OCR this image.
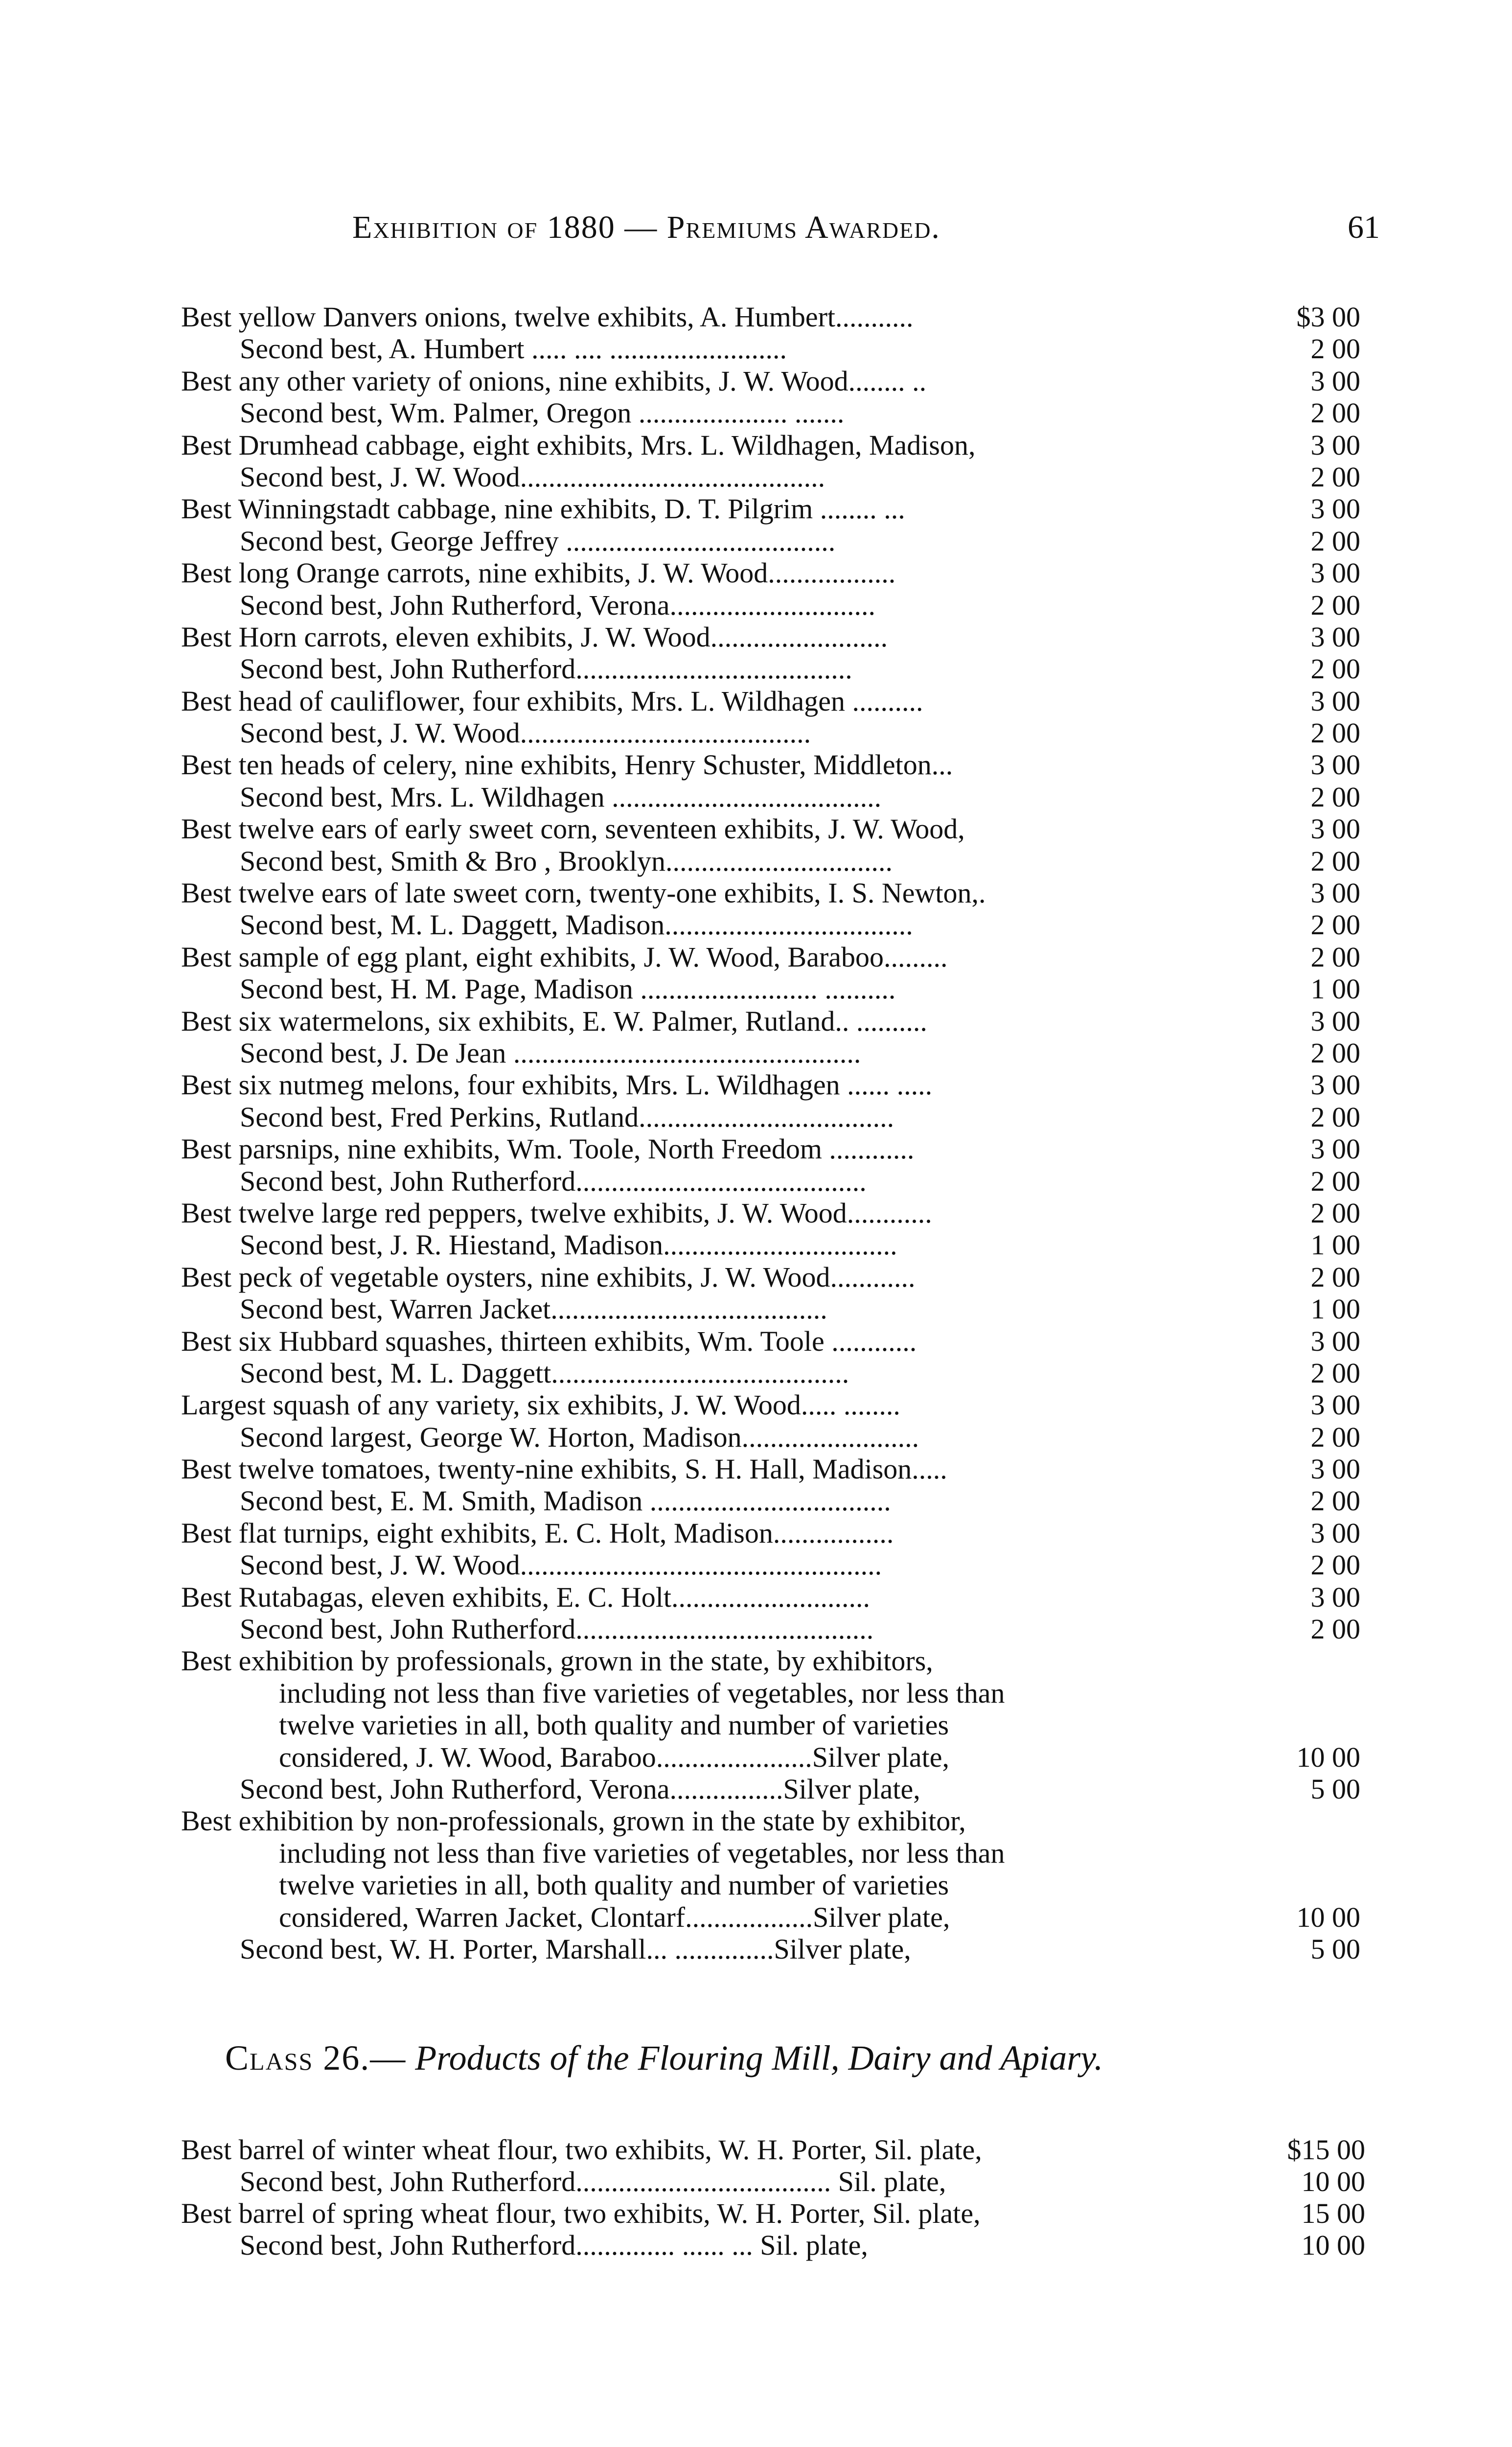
Exhibition of 1880 — Premiums Awarded.	61
Best yellow Danvers onions, twelve exhibits, A. Humbert...........	$3 00
Second best, A. Humbert ..... .... .........................	2 00
Best any other variety of onions, nine exhibits, J. W. Wood........ ..	3 00
Second best, Wm. Palmer, Oregon ..................... .......	2 00
Best Drumhead cabbage, eight exhibits, Mrs. L. Wildhagen, Madison,	3 00
Second best, J. W. Wood...........................................	2 00
Best Winningstadt cabbage, nine exhibits, D. T. Pilgrim ........ ...	3 00
Second best, George Jeffrey ......................................	2 00
Best long Orange carrots, nine exhibits, J. W. Wood..................	3 00
Second best, John Rutherford, Verona.............................	2 00
Best Horn carrots, eleven exhibits, J. W. Wood.........................	3 00
Second best, John Rutherford.......................................	2 00
Best head of cauliflower, four exhibits, Mrs. L. Wildhagen ..........	3 00
Second best, J. W. Wood.........................................	2 00
Best ten heads of celery, nine exhibits, Henry Schuster, Middleton...	3 00
Second best, Mrs. L. Wildhagen ......................................	2 00
Best twelve ears of early sweet corn, seventeen exhibits, J. W. Wood,	3 00
Second best, Smith & Bro , Brooklyn................................	2 00
Best twelve ears of late sweet corn, twenty-one exhibits, I. S. Newton,.	3 00
Second best, M. L. Daggett, Madison...................................	2 00
Best sample of egg plant, eight exhibits, J. W. Wood, Baraboo.........	2 00
Second best, H. M. Page, Madison ......................... ..........	1 00
Best six watermelons, six exhibits, E. W. Palmer, Rutland.. ..........	3 00
Second best, J. De Jean .................................................	2 00
Best six nutmeg melons, four exhibits, Mrs. L. Wildhagen ...... .....	3 00
Second best, Fred Perkins, Rutland....................................	2 00
Best parsnips, nine exhibits, Wm. Toole, North Freedom ............	3 00
Second best, John Rutherford.........................................	2 00
Best twelve large red peppers, twelve exhibits, J. W. Wood............	2 00
Second best, J. R. Hiestand, Madison.................................	1 00
Best peck of vegetable oysters, nine exhibits, J. W. Wood............	2 00
Second best, Warren Jacket.......................................	1 00
Best six Hubbard squashes, thirteen exhibits, Wm. Toole ............	3 00
Second best, M. L. Daggett..........................................	2 00
Largest squash of any variety, six exhibits, J. W. Wood..... ........	3 00
Second largest, George W. Horton, Madison.........................	2 00
Best twelve tomatoes, twenty-nine exhibits, S. H. Hall, Madison.....	3 00
Second best, E. M. Smith, Madison ..................................	2 00
Best flat turnips, eight exhibits, E. C. Holt, Madison.................	3 00
Second best, J. W. Wood...................................................	2 00
Best Rutabagas, eleven exhibits, E. C. Holt............................	3 00
Second best, John Rutherford..........................................	2 00
Best exhibition by professionals, grown in the state, by exhibitors,
including not less than five varieties of vegetables, nor less than
twelve varieties in all, both quality and number of varieties
considered, J. W. Wood, Baraboo......................Silver plate,	10 00
Second best, John Rutherford, Verona................Silver plate,	5 00
Best exhibition by non-professionals, grown in the state by exhibitor,
including not less than five varieties of vegetables, nor less than
twelve varieties in all, both quality and number of varieties
considered, Warren Jacket, Clontarf..................Silver plate,	10 00
Second best, W. H. Porter, Marshall... ..............Silver plate,	5 00
Class 26.— Products of the Flouring Mill, Dairy and Apiary.
Best barrel of winter wheat flour, two exhibits, W. H. Porter, Sil. plate,	$15 00
Second best, John Rutherford.................................... Sil. plate,	10 00
Best barrel of spring wheat flour, two exhibits, W. H. Porter, Sil. plate,	15 00
Second best, John Rutherford.............. ...... ... Sil. plate,	10 00
